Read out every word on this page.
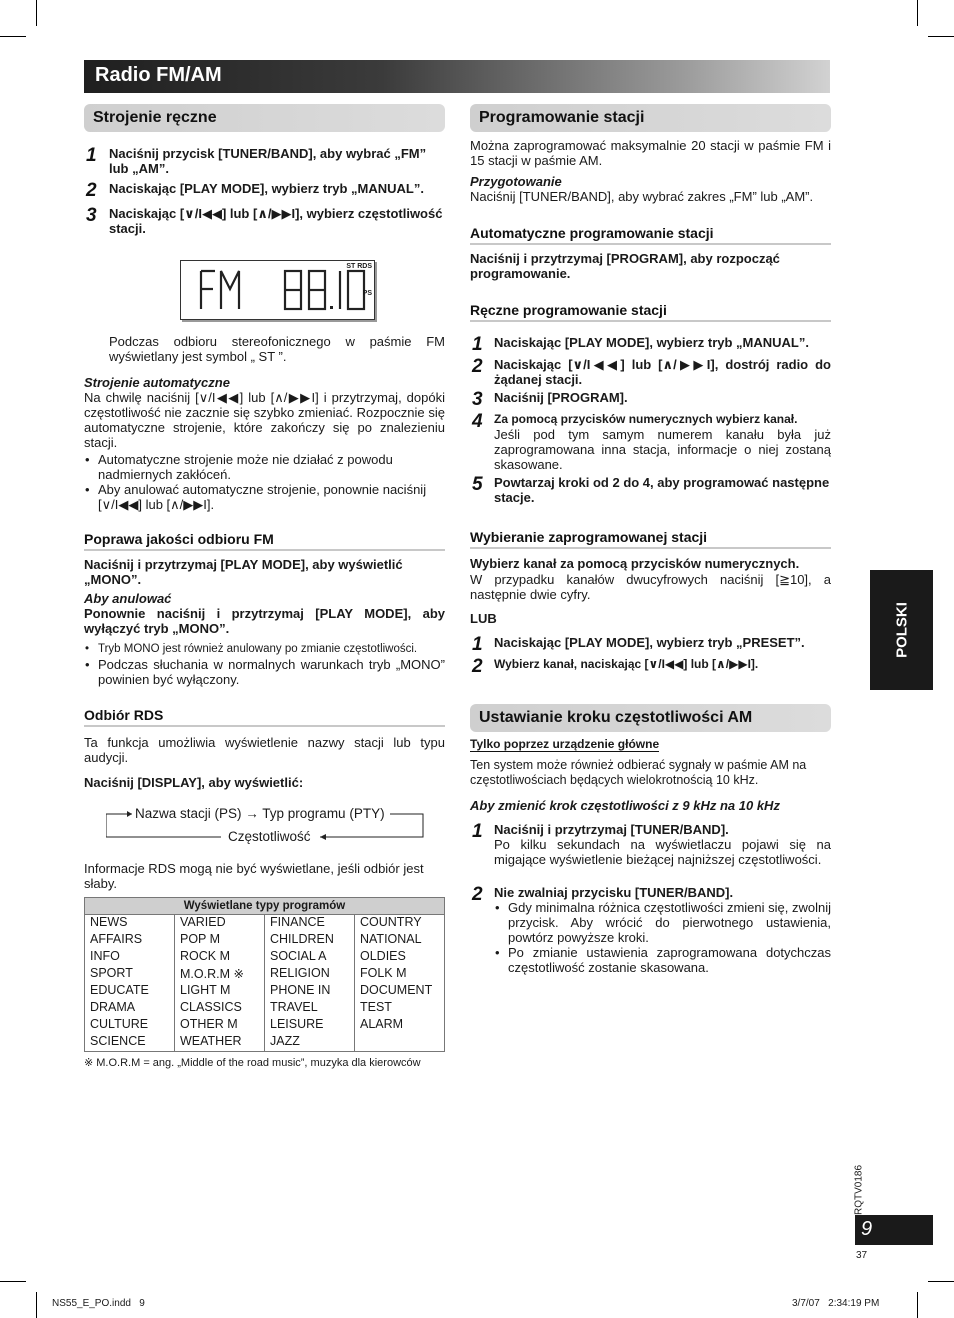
Radio FM/AM
Strojenie ręczne
1 Naciśnij przycisk [TUNER/BAND], aby wybrać „FM” lub „AM”.
2 Naciskając [PLAY MODE], wybierz tryb „MANUAL”.
3 Naciskając [∨/I◀◀] lub [∧/▶▶I], wybierz częstotliwość stacji.
ST RDS
PS
Podczas odbioru stereofonicznego w paśmie FM wyświetlany jest symbol „ ST ”.
Strojenie automatyczne
Na chwilę naciśnij [∨/I◀◀] lub [∧/▶▶I] i przytrzymaj, dopóki częstotliwość nie zacznie się szybko zmieniać. Rozpocznie się automatyczne strojenie, które zakończy się po znalezieniu stacji.
• Automatyczne strojenie może nie działać z powodu nadmiernych zakłóceń.
• Aby anulować automatyczne strojenie, ponownie naciśnij [∨/I◀◀] lub [∧/▶▶I].
Poprawa jakości odbioru FM
Naciśnij i przytrzymaj [PLAY MODE], aby wyświetlić „MONO”.
Aby anulować
Ponownie naciśnij i przytrzymaj [PLAY MODE], aby wyłączyć tryb „MONO”.
• Tryb MONO jest również anulowany po zmianie częstotliwości.
• Podczas słuchania w normalnych warunkach tryb „MONO” powinien być wyłączony.
Odbiór RDS
Ta funkcja umożliwia wyświetlenie nazwy stacji lub typu audycji.
Naciśnij [DISPLAY], aby wyświetlić:
Nazwa stacji (PS) → Typ programu (PTY)
Częstotliwość
Informacje RDS mogą nie być wyświetlane, jeśli odbiór jest słaby.
Wyświetlane typy programów			
NEWS	VARIED	FINANCE	COUNTRY
AFFAIRS	POP M	CHILDREN	NATIONAL
INFO	ROCK M	SOCIAL A	OLDIES
SPORT	M.O.R.M ※	RELIGION	FOLK M
EDUCATE	LIGHT M	PHONE IN	DOCUMENT
DRAMA	CLASSICS	TRAVEL	TEST
CULTURE	OTHER M	LEISURE	ALARM
SCIENCE	WEATHER	JAZZ	
※ M.O.R.M = ang. „Middle of the road music”, muzyka dla kierowców
Programowanie stacji
Można zaprogramować maksymalnie 20 stacji w paśmie FM i 15 stacji w paśmie AM.
Przygotowanie
Naciśnij [TUNER/BAND], aby wybrać zakres „FM” lub „AM”.
Automatyczne programowanie stacji
Naciśnij i przytrzymaj [PROGRAM], aby rozpocząć programowanie.
Ręczne programowanie stacji
1 Naciskając [PLAY MODE], wybierz tryb „MANUAL”.
2 Naciskając [∨/I◀◀] lub [∧/▶▶I], dostrój radio do żądanej stacji.
3 Naciśnij [PROGRAM].
4 Za pomocą przycisków numerycznych wybierz kanał.
Jeśli pod tym samym numerem kanału była już zaprogramowana inna stacja, informacje o niej zostaną skasowane.
5 Powtarzaj kroki od 2 do 4, aby programować następne stacje.
Wybieranie zaprogramowanej stacji
Wybierz kanał za pomocą przycisków numerycznych.
W przypadku kanałów dwucyfrowych naciśnij [≧10], a następnie dwie cyfry.
LUB
1 Naciskając [PLAY MODE], wybierz tryb „PRESET”.
2 Wybierz kanał, naciskając [∨/I◀◀] lub [∧/▶▶I].
Ustawianie kroku częstotliwości AM
Tylko poprzez urządzenie główne
Ten system może również odbierać sygnały w paśmie AM na częstotliwościach będących wielokrotnością 10 kHz.
Aby zmienić krok częstotliwości z 9 kHz na 10 kHz
1 Naciśnij i przytrzymaj [TUNER/BAND].
Po kilku sekundach na wyświetlaczu pojawi się na migające wyświetlenie bieżącej najniższej częstotliwości.
2 Nie zwalniaj przycisku [TUNER/BAND].
• Gdy minimalna różnica częstotliwości zmieni się, zwolnij przycisk. Aby wrócić do pierwotnego ustawienia, powtórz powyższe kroki.
• Po zmianie ustawienia zaprogramowana dotychczas częstotliwość zostanie skasowana.
POLSKI
RQTV0186
9
37
NS55_E_PO.indd   9	3/7/07   2:34:19 PM
